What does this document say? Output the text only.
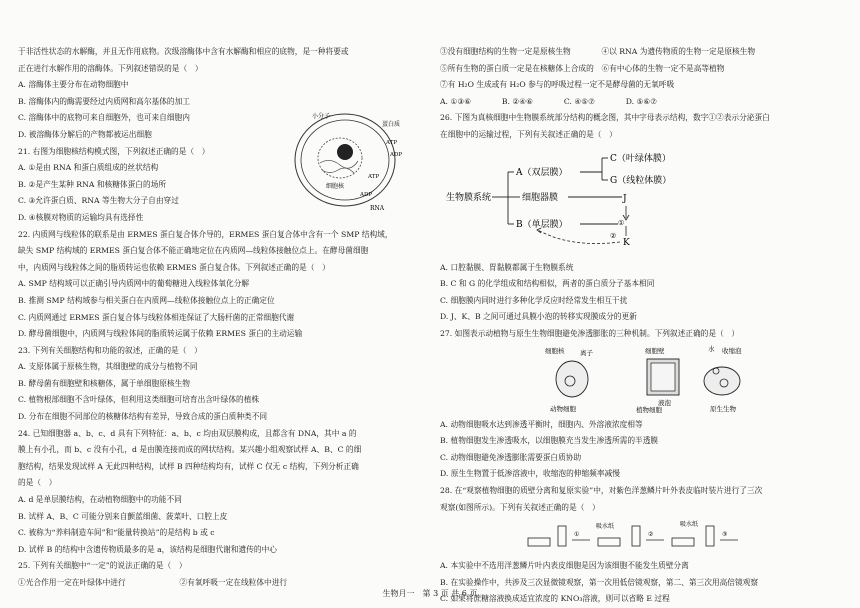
于非活性状态的水解酶，并且无作用底物。次级溶酶体中含有水解酶和相应的底物，是一种将要或
正在进行水解作用的溶酶体。下列叙述错误的是（　）
A. 溶酶体主要分布在动物细胞中
B. 溶酶体内的酶需要经过内质网和高尔基体的加工
C. 溶酶体中的底物可来自细胞外，也可来自细胞内
D. 被溶酶体分解后的产物都被运出细胞
21. 右图为细胞核结构模式图，下列叙述正确的是（　）
A. ①是由 RNA 和蛋白质组成的丝状结构
B. ②是产生某种 RNA 和核糖体蛋白的场所
C. ③允许蛋白质、RNA 等生物大分子自由穿过
D. ④核膜对物质的运输均具有选择性
22. 内质网与线粒体的联系是由 ERMES 蛋白复合体介导的，ERMES 蛋白复合体中含有一个 SMP 结构域，
缺失 SMP 结构域的 ERMES 蛋白复合体不能正确地定位在内质网—线粒体接触位点上。在酵母菌细胞
中，内质网与线粒体之间的脂质转运也依赖 ERMES 蛋白复合体。下列叙述正确的是（　）
A. SMP 结构域可以正确引导内质网中的葡萄糖进入线粒体氧化分解
B. 推测 SMP 结构域参与相关蛋白在内质网—线粒体接触位点上的正确定位
C. 内质网通过 ERMES 蛋白复合体与线粒体相连保证了大肠杆菌的正常细胞代谢
D. 酵母菌细胞中，内质网与线粒体间的脂质转运属于依赖 ERMES 蛋白的主动运输
23. 下列有关细胞结构和功能的叙述，正确的是（　）
A. 支原体属于原核生物，其细胞壁的成分与植物不同
B. 酵母菌有细胞壁和核糖体，属于单细胞原核生物
C. 植物根部细胞不含叶绿体，但利用这类细胞可培育出含叶绿体的植株
D. 分布在细胞不同部位的核糖体结构有差异，导致合成的蛋白质种类不同
24. 已知细胞器 a、b、c、d 具有下列特征：a、b、c 均由双层膜构成，且都含有 DNA，其中 a 的
膜上有小孔，而 b、c 没有小孔，d 是由膜连接而成的网状结构。某兴趣小组观察试样 A、B、C 的细
胞结构，结果发现试样 A 无此四种结构，试样 B 四种结构均有，试样 C 仅无 c 结构，下列分析正确
的是（　）
A. d 是单层膜结构，在动植物细胞中的功能不同
B. 试样 A、B、C 可能分别来自颤蓝细菌、菠菜叶、口腔上皮
C. 被称为“养料制造车间”和“能量转换站”的是结构 b 或 c
D. 试样 B 的结构中含遗传物质最多的是 a，该结构是细胞代谢和遗传的中心
25. 下列有关细胞中“一定”的说法正确的是（　）
①光合作用一定在叶绿体中进行　　　　　　　②有氧呼吸一定在线粒体中进行
小分子
蛋白质
ATP
ADP
ATP
ADP
RNA
细胞核
③没有细胞结构的生物一定是原核生物　　　　④以 RNA 为遗传物质的生物一定是原核生物
⑤所有生物的蛋白质一定是在核糖体上合成的　⑥有中心体的生物一定不是高等植物
⑦有 H₂O 生成或有 H₂O 参与的呼吸过程一定不是酵母菌的无氧呼吸
A. ①③⑥　　　　B. ②④⑥　　　　C. ④⑤⑦　　　　D. ⑤⑥⑦
26. 下图为真核细胞中生物膜系统部分结构的概念图，其中字母表示结构，数字①②表示分泌蛋白
在细胞中的运输过程，下列有关叙述正确的是（　）
生物膜系统
A（双层膜）
细胞器膜
B（单层膜）
C（叶绿体膜）
G（线粒体膜）
J
①
K
②
A. 口腔黏膜、胃黏膜都属于生物膜系统
B. C 和 G 的化学组成和结构相似，两者的蛋白质分子基本相同
C. 细胞膜内同时进行多种化学反应时经常发生相互干扰
D. J、K、B 之间可通过具膜小泡的转移实现膜成分的更新
27. 如图表示动植物与原生生物细胞避免渗透膨胀的三种机制。下列叙述正确的是（　）
细胞核 离子	细胞壁
液泡
水 收缩泡
动物细胞	植物细胞	原生生物
A. 动物细胞吸水达到渗透平衡时，细胞内、外溶液浓度相等
B. 植物细胞发生渗透吸水，以细胞膜充当发生渗透所需的半透膜
C. 动物细胞避免渗透膨胀需要蛋白质协助
D. 原生生物置于低渗溶液中，收缩泡的伸缩频率减慢
28. 在“观察植物细胞的质壁分离和复原实验”中，对紫色洋葱鳞片叶外表皮临时装片进行了三次
观察(如图所示)。下列有关叙述正确的是（　）
①
吸水纸
②
吸水纸
③
A. 本实验中不选用洋葱鳞片叶内表皮细胞是因为该细胞不能发生质壁分离
B. 在实验操作中，共涉及三次显微镜观察，第一次用低倍镜观察，第二、第三次用高倍镜观察
C. 如果将蔗糖溶液换成适宜浓度的 KNO₃溶液，则可以省略 E 过程
生物月一　第 3 页 共 6 页
